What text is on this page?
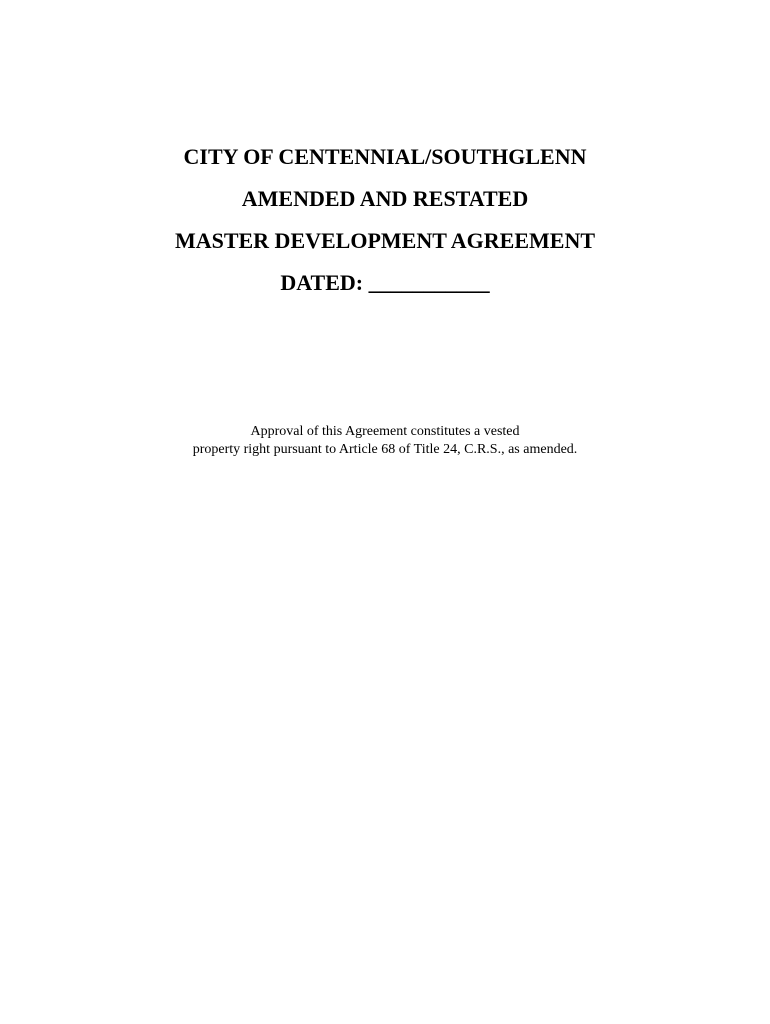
CITY OF CENTENNIAL/SOUTHGLENN
AMENDED AND RESTATED
MASTER DEVELOPMENT AGREEMENT
DATED: ___________
Approval of this Agreement constitutes a vested
property right pursuant to Article 68 of Title 24, C.R.S., as amended.
